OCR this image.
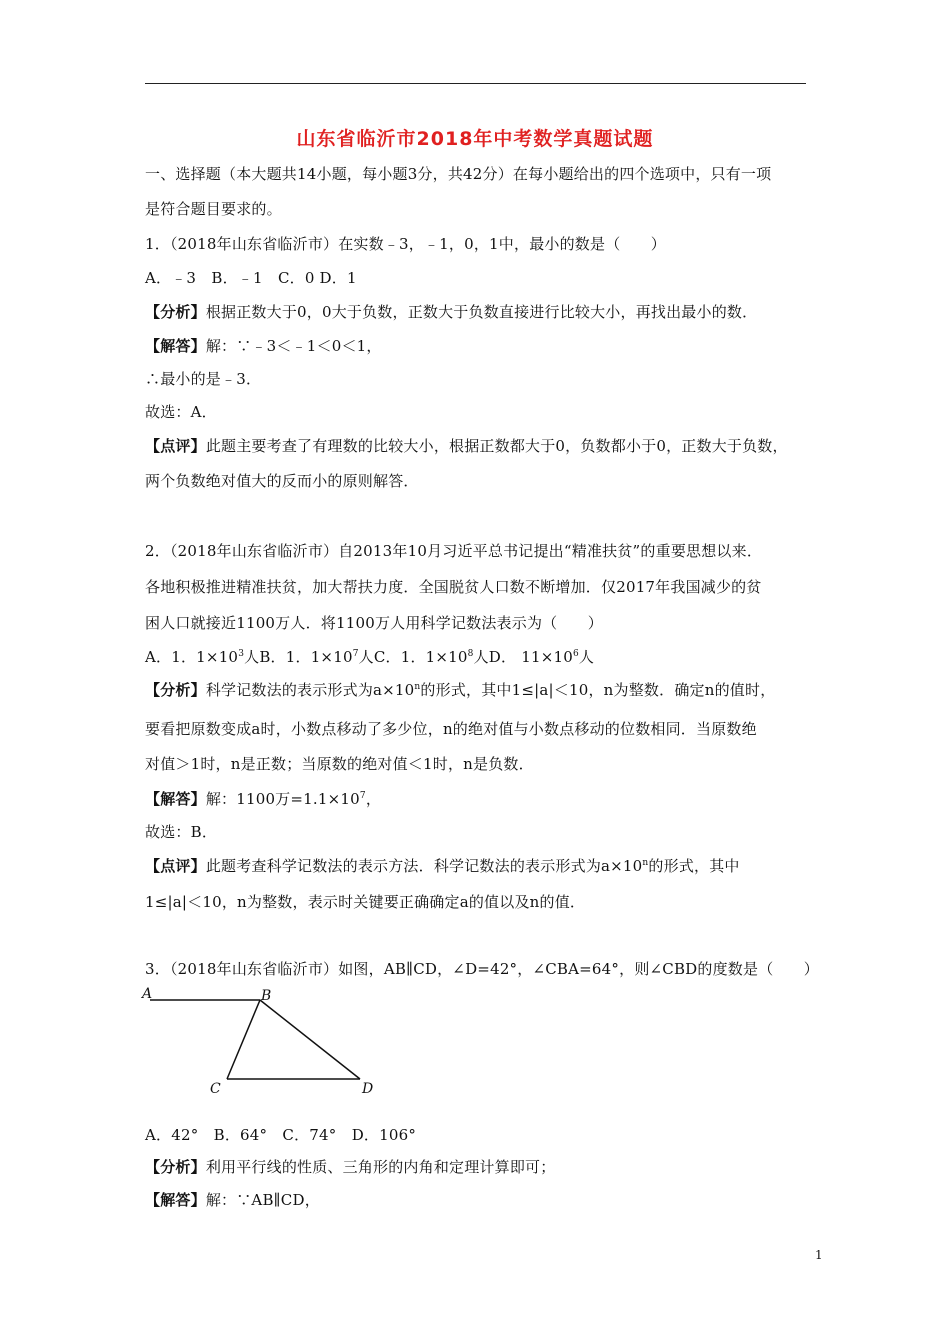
山东省临沂市2018年中考数学真题试题
一、选择题（本大题共14小题，每小题3分，共42分）在每小题给出的四个选项中，只有一项
是符合题目要求的。
1．（2018年山东省临沂市）在实数﹣3，﹣1，0，1中，最小的数是（　　）
A．﹣3　B．﹣1　C．0 D．1
【分析】根据正数大于0，0大于负数，正数大于负数直接进行比较大小，再找出最小的数．
【解答】解：∵﹣3＜﹣1＜0＜1，
∴最小的是﹣3．
故选：A．
【点评】此题主要考查了有理数的比较大小，根据正数都大于0，负数都小于0，正数大于负数，
两个负数绝对值大的反而小的原则解答．
2．（2018年山东省临沂市）自2013年10月习近平总书记提出“精准扶贫”的重要思想以来．
各地积极推进精准扶贫，加大帮扶力度．全国脱贫人口数不断增加．仅2017年我国减少的贫
困人口就接近1100万人．将1100万人用科学记数法表示为（　　）
A．1．$1\times 10^3$人B．1．$1\times 10^7$人C．1．$1\times 10^8$人D． $11\times 10^6$人
【分析】科学记数法的表示形式为$a\times 10^n$的形式，其中1≤|a|＜10，n为整数．确定n的值时，
要看把原数变成a时，小数点移动了多少位，n的绝对值与小数点移动的位数相同．当原数绝
对值＞1时，n是正数；当原数的绝对值＜1时，n是负数．
【解答】解：1100万$=1.1\times 10^7$，
故选：B．
【点评】此题考查科学记数法的表示方法．科学记数法的表示形式为$a\times 10^n$的形式，其中
1≤|a|＜10，n为整数，表示时关键要正确确定a的值以及n的值．
3．（2018年山东省临沂市）如图，AB∥CD，∠D=42°，∠CBA=64°，则∠CBD的度数是（　　）
A	B
C	D
A．42°　B．64°　C．74°　D．106°
【分析】利用平行线的性质、三角形的内角和定理计算即可；
【解答】解：∵AB∥CD，
1
